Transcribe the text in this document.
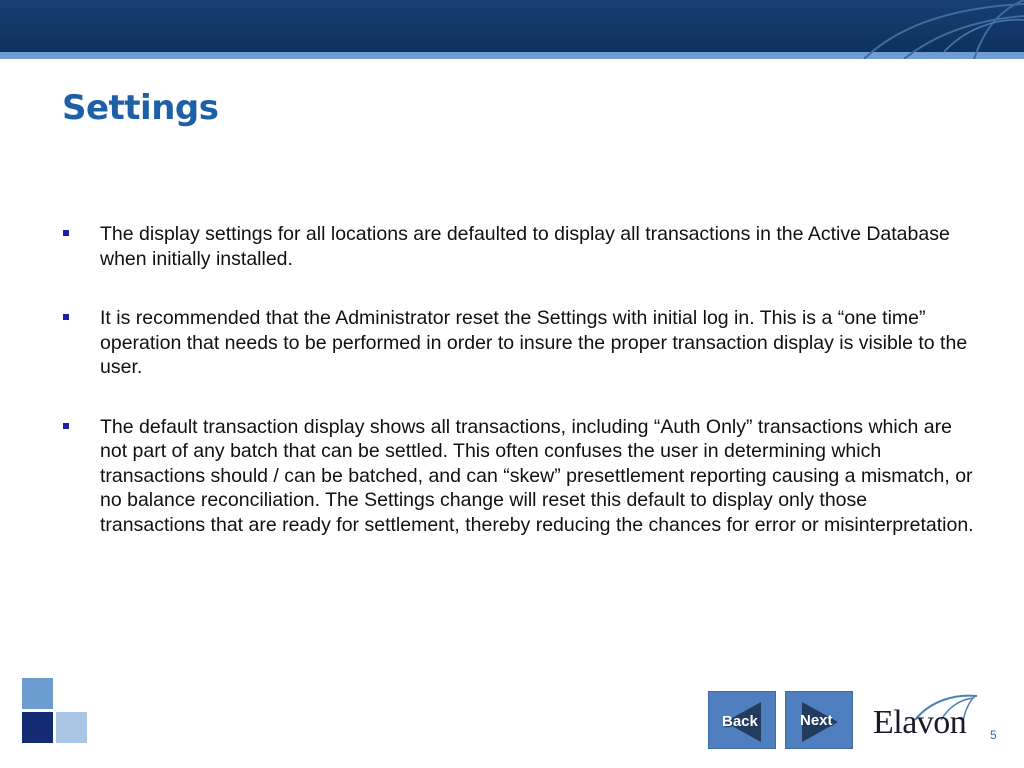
Settings
The display settings for all locations are defaulted to display all transactions in the Active Database when initially installed.
It is recommended that the Administrator reset the Settings with initial log in. This is a “one time” operation that needs to be performed in order to insure the proper transaction display is visible to the user.
The default transaction display shows all transactions, including “Auth Only” transactions which are not part of any batch that can be settled. This often confuses the user in determining which transactions should / can be batched, and can “skew” presettlement reporting causing a mismatch, or no balance reconciliation. The Settings change will reset this default to display only those transactions that are ready for settlement, thereby reducing the chances for error or misinterpretation.
Back	Next Elavon 5
